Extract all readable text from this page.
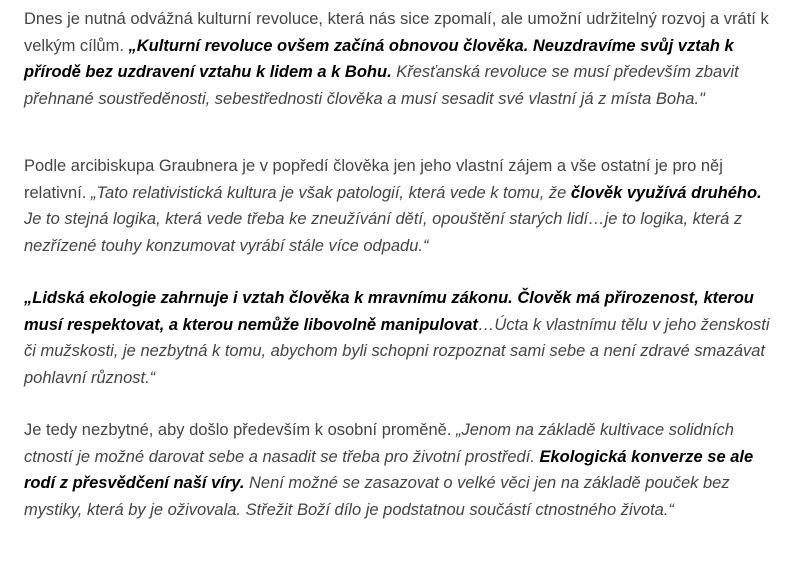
Dnes je nutná odvážná kulturní revoluce, která nás sice zpomalí, ale umožní udržitelný rozvoj a vrátí k velkým cílům. „Kulturní revoluce ovšem začíná obnovou člověka. Neuzdravíme svůj vztah k přírodě bez uzdravení vztahu k lidem a k Bohu. Křesťanská revoluce se musí především zbavit přehnané soustředěnosti, sebestřednosti člověka a musí sesadit své vlastní já z místa Boha."

Podle arcibiskupa Graubnera je v popředí člověka jen jeho vlastní zájem a vše ostatní je pro něj relativní. „Tato relativistická kultura je však patologií, která vede k tomu, že člověk využívá druhého. Je to stejná logika, která vede třeba ke zneužívání dětí, opouštění starých lidí…je to logika, která z nezřízené touhy konzumovat vyrábí stále více odpadu.“

„Lidská ekologie zahrnuje i vztah člověka k mravnímu zákonu. Člověk má přirozenost, kterou musí respektovat, a kterou nemůže libovolně manipulovat…Úcta k vlastnímu tělu v jeho ženskosti či mužskosti, je nezbytná k tomu, abychom byli schopni rozpoznat sami sebe a není zdravé smazávat pohlavní různost.“

Je tedy nezbytné, aby došlo především k osobní proměně. „Jenom na základě kultivace solidních ctností je možné darovat sebe a nasadit se třeba pro životní prostředí. Ekologická konverze se ale rodí z přesvědčení naší víry. Není možné se zasazovat o velké věci jen na základě pouček bez mystiky, která by je oživovala. Střežit Boží dílo je podstatnou součástí ctnostného života.“
